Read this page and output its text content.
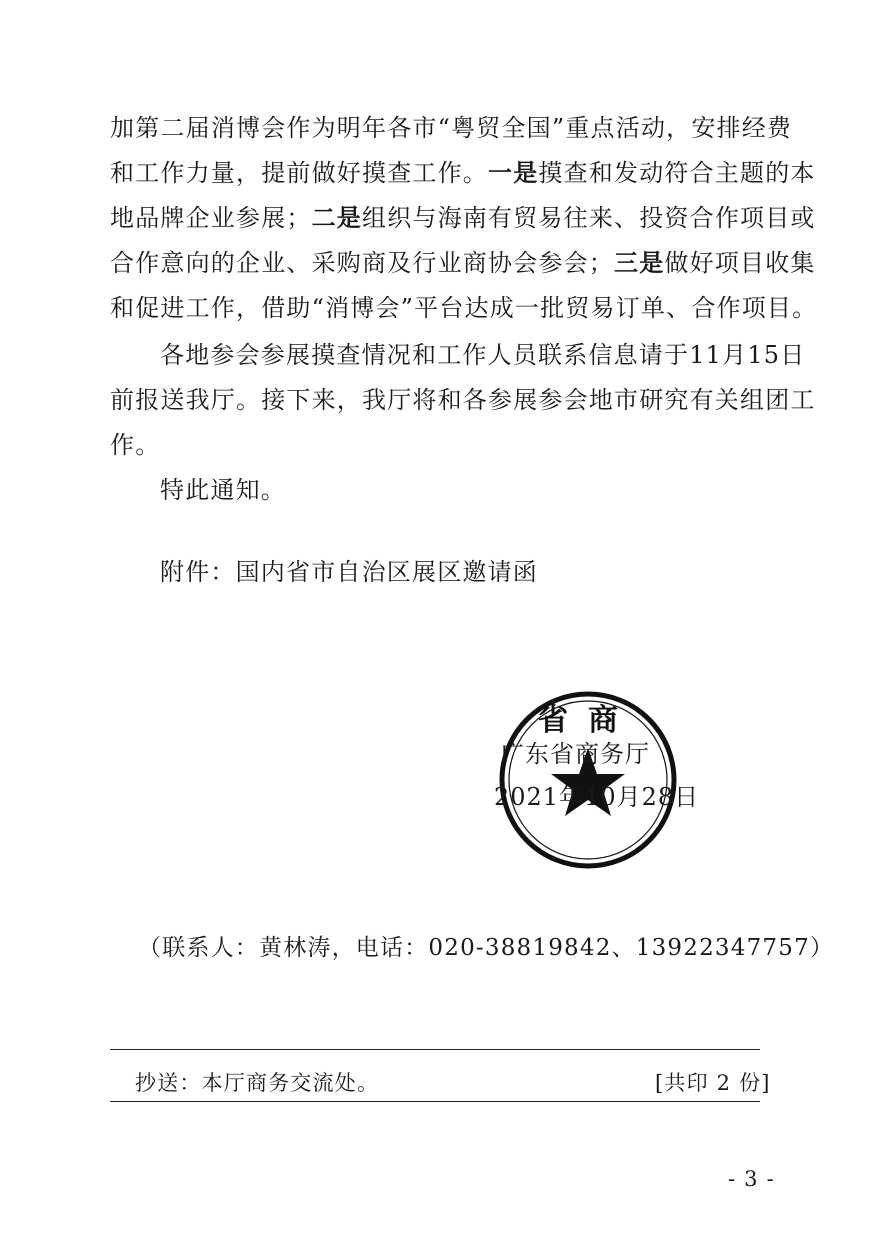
加第二届消博会作为明年各市“粤贸全国”重点活动，安排经费
和工作力量，提前做好摸查工作。一是摸查和发动符合主题的本
地品牌企业参展；二是组织与海南有贸易往来、投资合作项目或
合作意向的企业、采购商及行业商协会参会；三是做好项目收集
和促进工作，借助“消博会”平台达成一批贸易订单、合作项目。
各地参会参展摸查情况和工作人员联系信息请于11月15日
前报送我厅。接下来，我厅将和各参展参会地市研究有关组团工
作。
特此通知。
附件：国内省市自治区展区邀请函
省商
广东省商务厅
2021年10月28日
（联系人：黄林涛，电话：020-38819842、13922347757）
抄送：本厅商务交流处。	[共印 2 份]
- 3 -
